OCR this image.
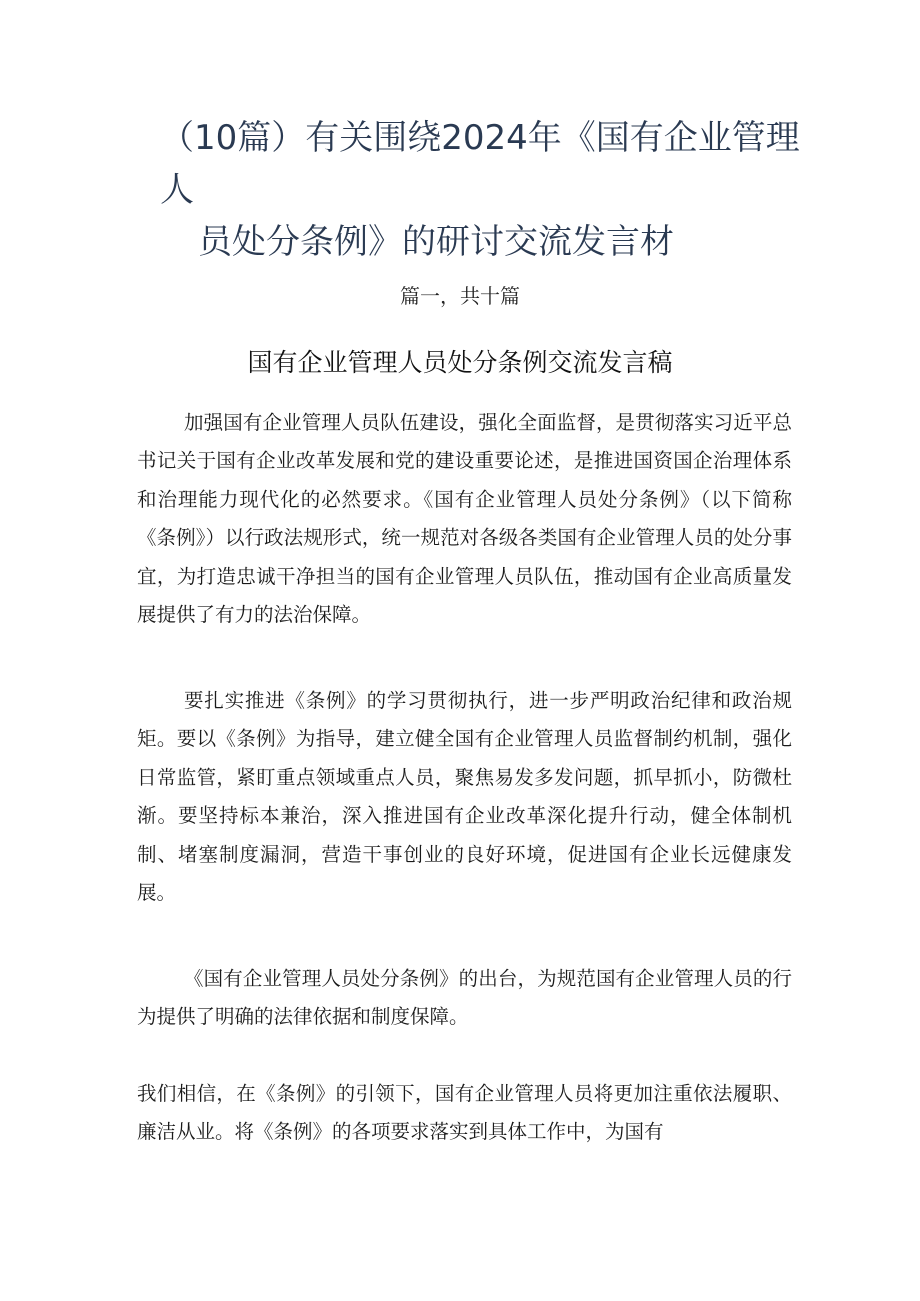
（10篇）有关围绕2024年《国有企业管理人
员处分条例》的研讨交流发言材
篇一，共十篇
国有企业管理人员处分条例交流发言稿

加强国有企业管理人员队伍建设，强化全面监督，是贯彻落实习近平总书记关于国有企业改革发展和党的建设重要论述，是推进国资国企治理体系和治理能力现代化的必然要求。《国有企业管理人员处分条例》（以下简称《条例》）以行政法规形式，统一规范对各级各类国有企业管理人员的处分事宜，为打造忠诚干净担当的国有企业管理人员队伍，推动国有企业高质量发展提供了有力的法治保障。

要扎实推进《条例》的学习贯彻执行，进一步严明政治纪律和政治规矩。要以《条例》为指导，建立健全国有企业管理人员监督制约机制，强化日常监管，紧盯重点领域重点人员，聚焦易发多发问题，抓早抓小，防微杜渐。要坚持标本兼治，深入推进国有企业改革深化提升行动，健全体制机制、堵塞制度漏洞，营造干事创业的良好环境，促进国有企业长远健康发展。

《国有企业管理人员处分条例》的出台，为规范国有企业管理人员的行为提供了明确的法律依据和制度保障。

我们相信，在《条例》的引领下，国有企业管理人员将更加注重依法履职、廉洁从业。将《条例》的各项要求落实到具体工作中，为国有
